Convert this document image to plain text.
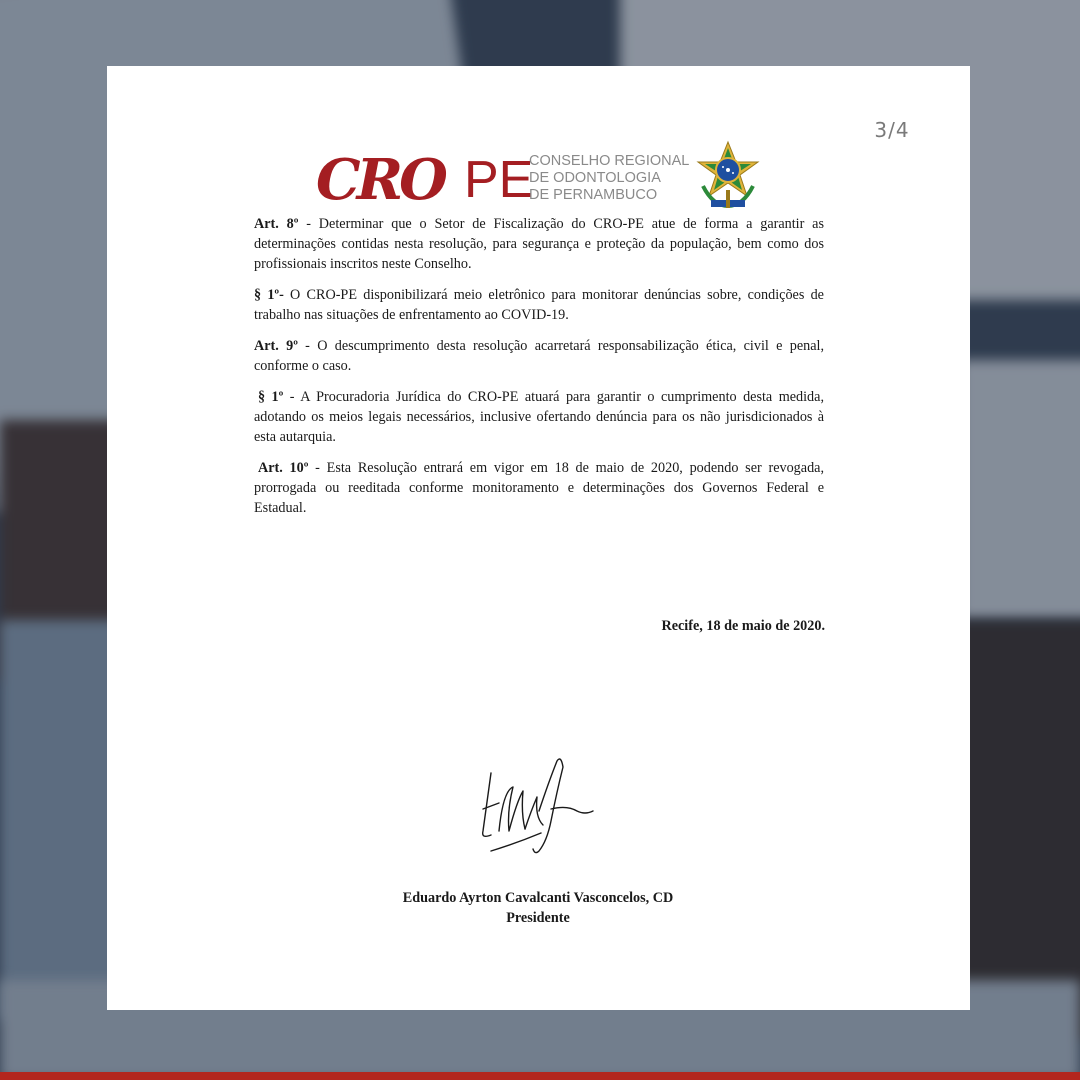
CRO PE
CONSELHO REGIONAL
DE ODONTOLOGIA
DE PERNAMBUCO

Art. 8º - Determinar que o Setor de Fiscalização do CRO-PE atue de forma a garantir as determinações contidas nesta resolução, para segurança e proteção da população, bem como dos profissionais inscritos neste Conselho.

§ 1º- O CRO-PE disponibilizará meio eletrônico para monitorar denúncias sobre, condições de trabalho nas situações de enfrentamento ao COVID-19.

Art. 9º - O descumprimento desta resolução acarretará responsabilização ética, civil e penal, conforme o caso.

§ 1º - A Procuradoria Jurídica do CRO-PE atuará para garantir o cumprimento desta medida, adotando os meios legais necessários, inclusive ofertando denúncia para os não jurisdicionados à esta autarquia.

Art. 10º - Esta Resolução entrará em vigor em 18 de maio de 2020, podendo ser revogada, prorrogada ou reeditada conforme monitoramento e determinações dos Governos Federal e Estadual.

Recife, 18 de maio de 2020.
Eduardo Ayrton Cavalcanti Vasconcelos, CD
Presidente
3/4
